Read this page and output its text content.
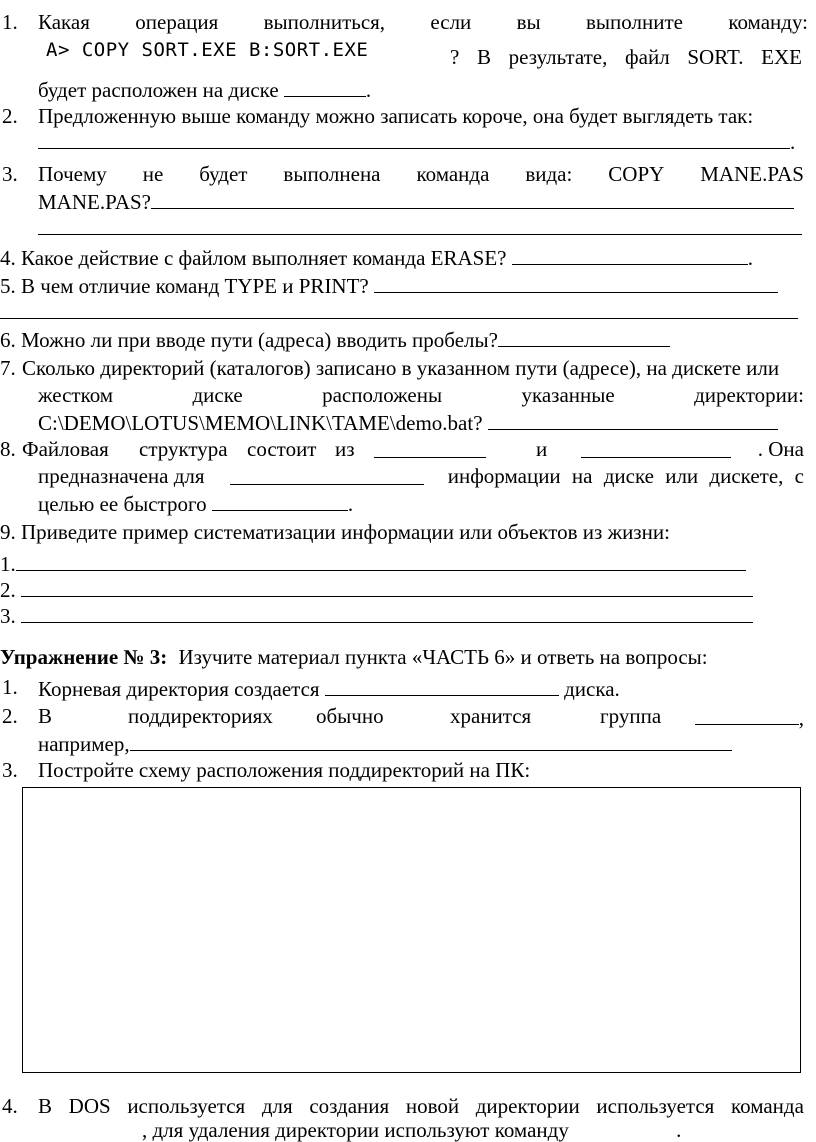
1. Какая операция выполниться, если вы выполните команду:
A> COPY SORT.EXE B:SORT.EXE	? В результате, файл SORT. EXE
будет расположен на диске	.
2. Предложенную выше команду можно записать короче, она будет выглядеть так:
.
3. Почему не будет выполнена команда вида: COPY MANE.PAS
MANE.PAS?
4. Какое действие с файлом выполняет команда ERASE?	.
5. В чем отличие команд TYPE и PRINT?
6. Можно ли при вводе пути (адреса) вводить пробелы?
7. Сколько директорий (каталогов) записано в указанном пути (адресе), на дискете или
жестком	диске	расположены	указанные	директории:
C:\DEMO\LOTUS\MEMO\LINK\TAME\demo.bat?
8. Файловая структура состоит из	и	. Она
предназначена для	информации на диске или дискете, с
целью ее быстрого	.
9. Приведите пример систематизации информации или объектов из жизни:
1.
2.
3.
Упражнение № 3: Изучите материал пункта «ЧАСТЬ 6» и ответь на вопросы:
1. Корневая директория создается	диска.
2. В	поддиректориях обычно	хранится	группа	,
например,
3. Постройте схему расположения поддиректорий на ПК:
4. В DOS используется для создания новой директории используется команда
, для удаления директории используют команду	.
